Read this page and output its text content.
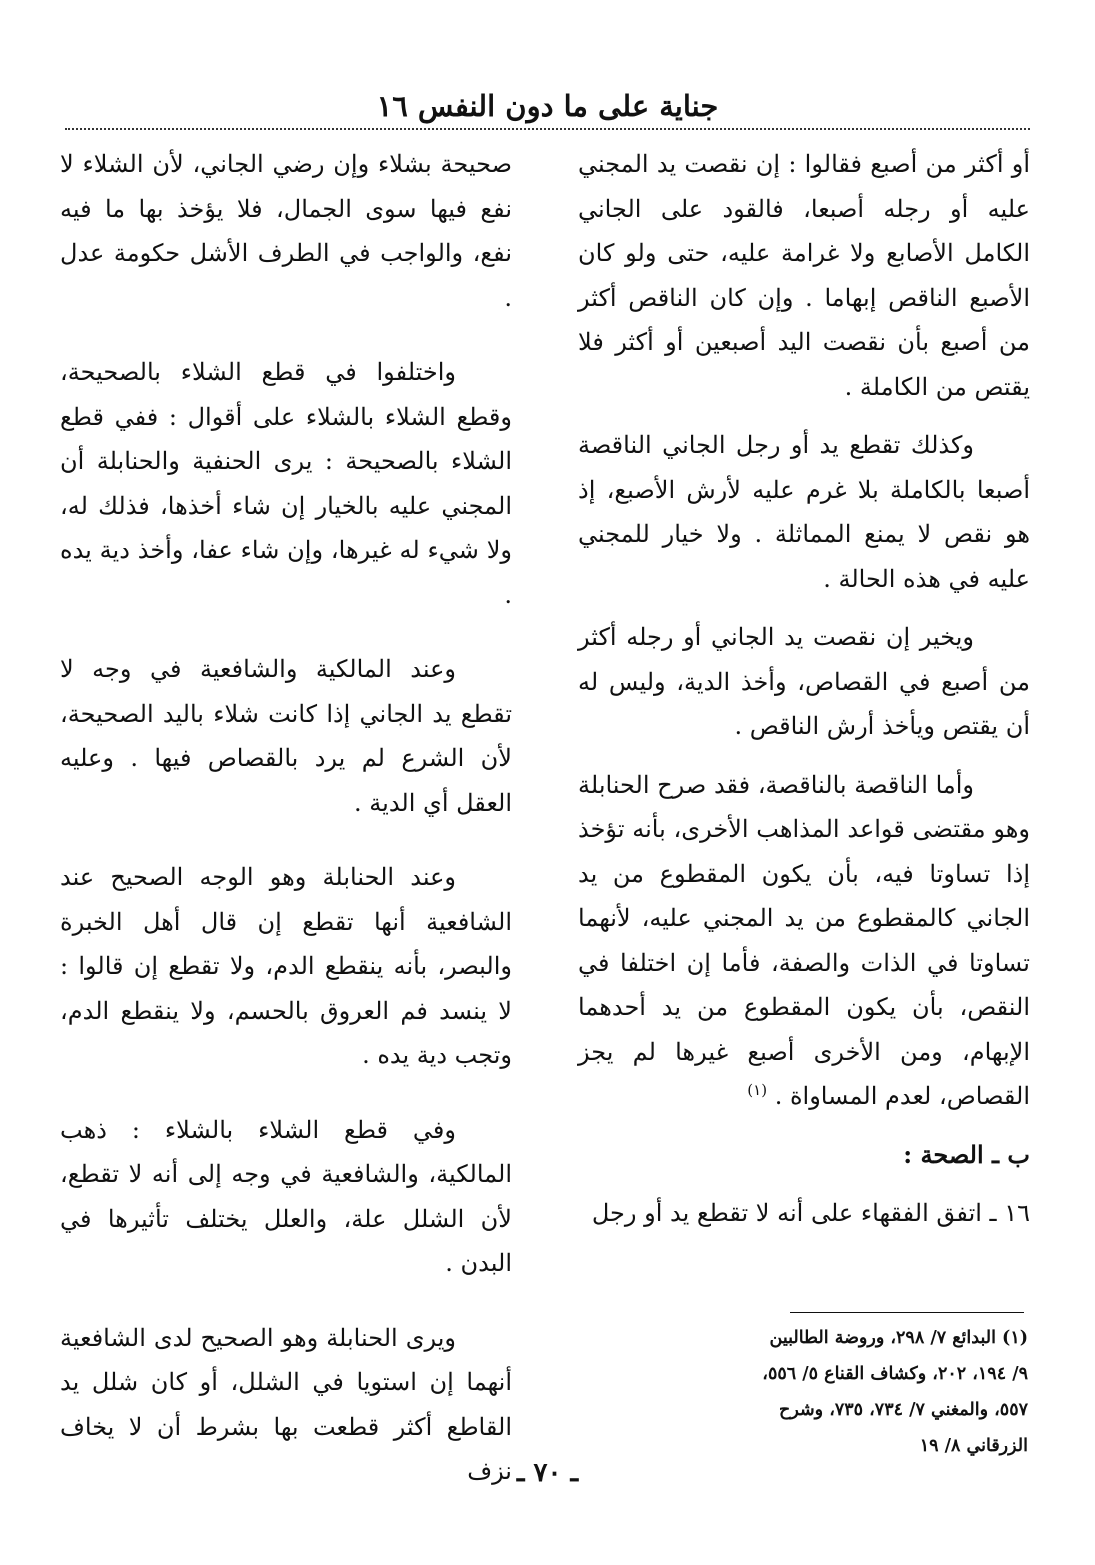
جناية على ما دون النفس ١٦

أو أكثر من أصبع فقالوا : إن نقصت يد المجني عليه أو رجله أصبعا، فالقود على الجاني الكامل الأصابع ولا غرامة عليه، حتى ولو كان الأصبع الناقص إبهاما . وإن كان الناقص أكثر من أصبع بأن نقصت اليد أصبعين أو أكثر فلا يقتص من الكاملة .

وكذلك تقطع يد أو رجل الجاني الناقصة أصبعا بالكاملة بلا غرم عليه لأرش الأصبع، إذ هو نقص لا يمنع المماثلة . ولا خيار للمجني عليه في هذه الحالة .

ويخير إن نقصت يد الجاني أو رجله أكثر من أصبع في القصاص، وأخذ الدية، وليس له أن يقتص ويأخذ أرش الناقص .

وأما الناقصة بالناقصة، فقد صرح الحنابلة وهو مقتضى قواعد المذاهب الأخرى، بأنه تؤخذ إذا تساوتا فيه، بأن يكون المقطوع من يد الجاني كالمقطوع من يد المجني عليه، لأنهما تساوتا في الذات والصفة، فأما إن اختلفا في النقص، بأن يكون المقطوع من يد أحدهما الإبهام، ومن الأخرى أصبع غيرها لم يجز القصاص، لعدم المساواة . $^{(١)}$

ب ـ الصحة :

١٦ ـ اتفق الفقهاء على أنه لا تقطع يد أو رجل

صحيحة بشلاء وإن رضي الجاني، لأن الشلاء لا نفع فيها سوى الجمال، فلا يؤخذ بها ما فيه نفع، والواجب في الطرف الأشل حكومة عدل .

واختلفوا في قطع الشلاء بالصحيحة، وقطع الشلاء بالشلاء على أقوال : ففي قطع الشلاء بالصحيحة : يرى الحنفية والحنابلة أن المجني عليه بالخيار إن شاء أخذها، فذلك له، ولا شيء له غيرها، وإن شاء عفا، وأخذ دية يده .

وعند المالكية والشافعية في وجه لا تقطع يد الجاني إذا كانت شلاء باليد الصحيحة، لأن الشرع لم يرد بالقصاص فيها . وعليه العقل أي الدية .

وعند الحنابلة وهو الوجه الصحيح عند الشافعية أنها تقطع إن قال أهل الخبرة والبصر، بأنه ينقطع الدم، ولا تقطع إن قالوا : لا ينسد فم العروق بالحسم، ولا ينقطع الدم، وتجب دية يده .

وفي قطع الشلاء بالشلاء : ذهب المالكية، والشافعية في وجه إلى أنه لا تقطع، لأن الشلل علة، والعلل يختلف تأثيرها في البدن .

ويرى الحنابلة وهو الصحيح لدى الشافعية أنهما إن استويا في الشلل، أو كان شلل يد القاطع أكثر قطعت بها بشرط أن لا يخاف نزف

(١) البدائع ٧/ ٢٩٨، وروضة الطالبين ٩/ ١٩٤، ٢٠٢، وكشاف القناع ٥/ ٥٥٦، ٥٥٧، والمغني ٧/ ٧٣٤، ٧٣٥، وشرح الزرقاني ٨/ ١٩
ـ ٧٠ ـ
